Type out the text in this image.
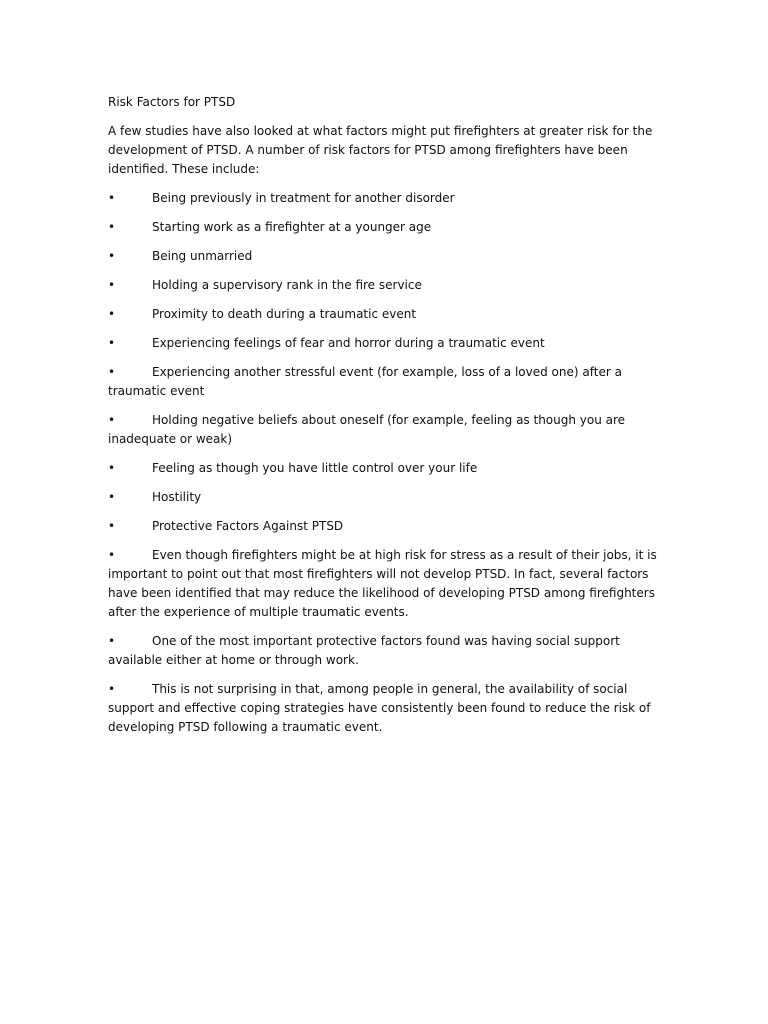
Risk Factors for PTSD
A few studies have also looked at what factors might put firefighters at greater risk for the development of PTSD. A number of risk factors for PTSD among firefighters have been identified. These include:
•	Being previously in treatment for another disorder
•	Starting work as a firefighter at a younger age
•	Being unmarried
•	Holding a supervisory rank in the fire service
•	Proximity to death during a traumatic event
•	Experiencing feelings of fear and horror during a traumatic event
•	Experiencing another stressful event (for example, loss of a loved one) after a traumatic event
•	Holding negative beliefs about oneself (for example, feeling as though you are inadequate or weak)
•	Feeling as though you have little control over your life
•	Hostility
•	Protective Factors Against PTSD
•	Even though firefighters might be at high risk for stress as a result of their jobs, it is important to point out that most firefighters will not develop PTSD. In fact, several factors have been identified that may reduce the likelihood of developing PTSD among firefighters after the experience of multiple traumatic events.
•	One of the most important protective factors found was having social support available either at home or through work.
•	This is not surprising in that, among people in general, the availability of social support and effective coping strategies have consistently been found to reduce the risk of developing PTSD following a traumatic event.
